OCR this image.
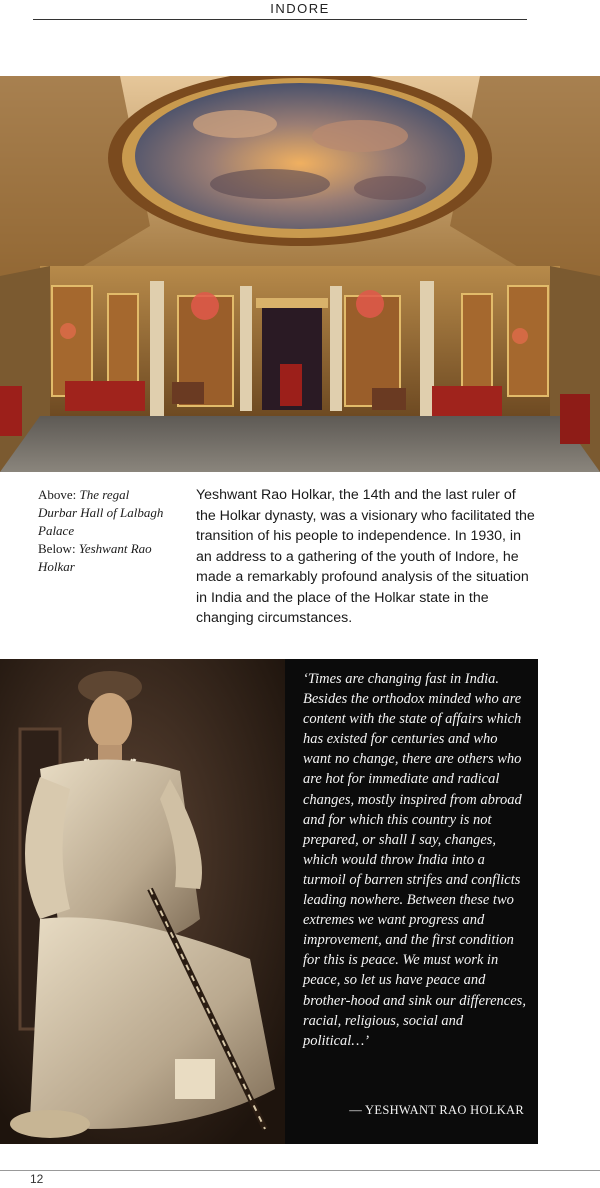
INDORE
Above: The regal Durbar Hall of Lalbagh Palace
Below: Yeshwant Rao Holkar

Yeshwant Rao Holkar, the 14th and the last ruler of the Holkar dynasty, was a visionary who facilitated the transition of his people to independence. In 1930, in an address to a gathering of the youth of Indore, he made a remarkably profound analysis of the situation in India and the place of the Holkar state in the changing circumstances.

‘Times are changing fast in India. Besides the orthodox minded who are content with the state of affairs which has existed for centuries and who want no change, there are others who are hot for immediate and radical changes, mostly inspired from abroad and for which this country is not prepared, or shall I say, changes, which would throw India into a turmoil of barren strifes and conflicts leading nowhere. Between these two extremes we want progress and improvement, and the first condition for this is peace. We must work in peace, so let us have peace and brother-hood and sink our differences, racial, religious, social and political…’

— YESHWANT RAO HOLKAR
12
